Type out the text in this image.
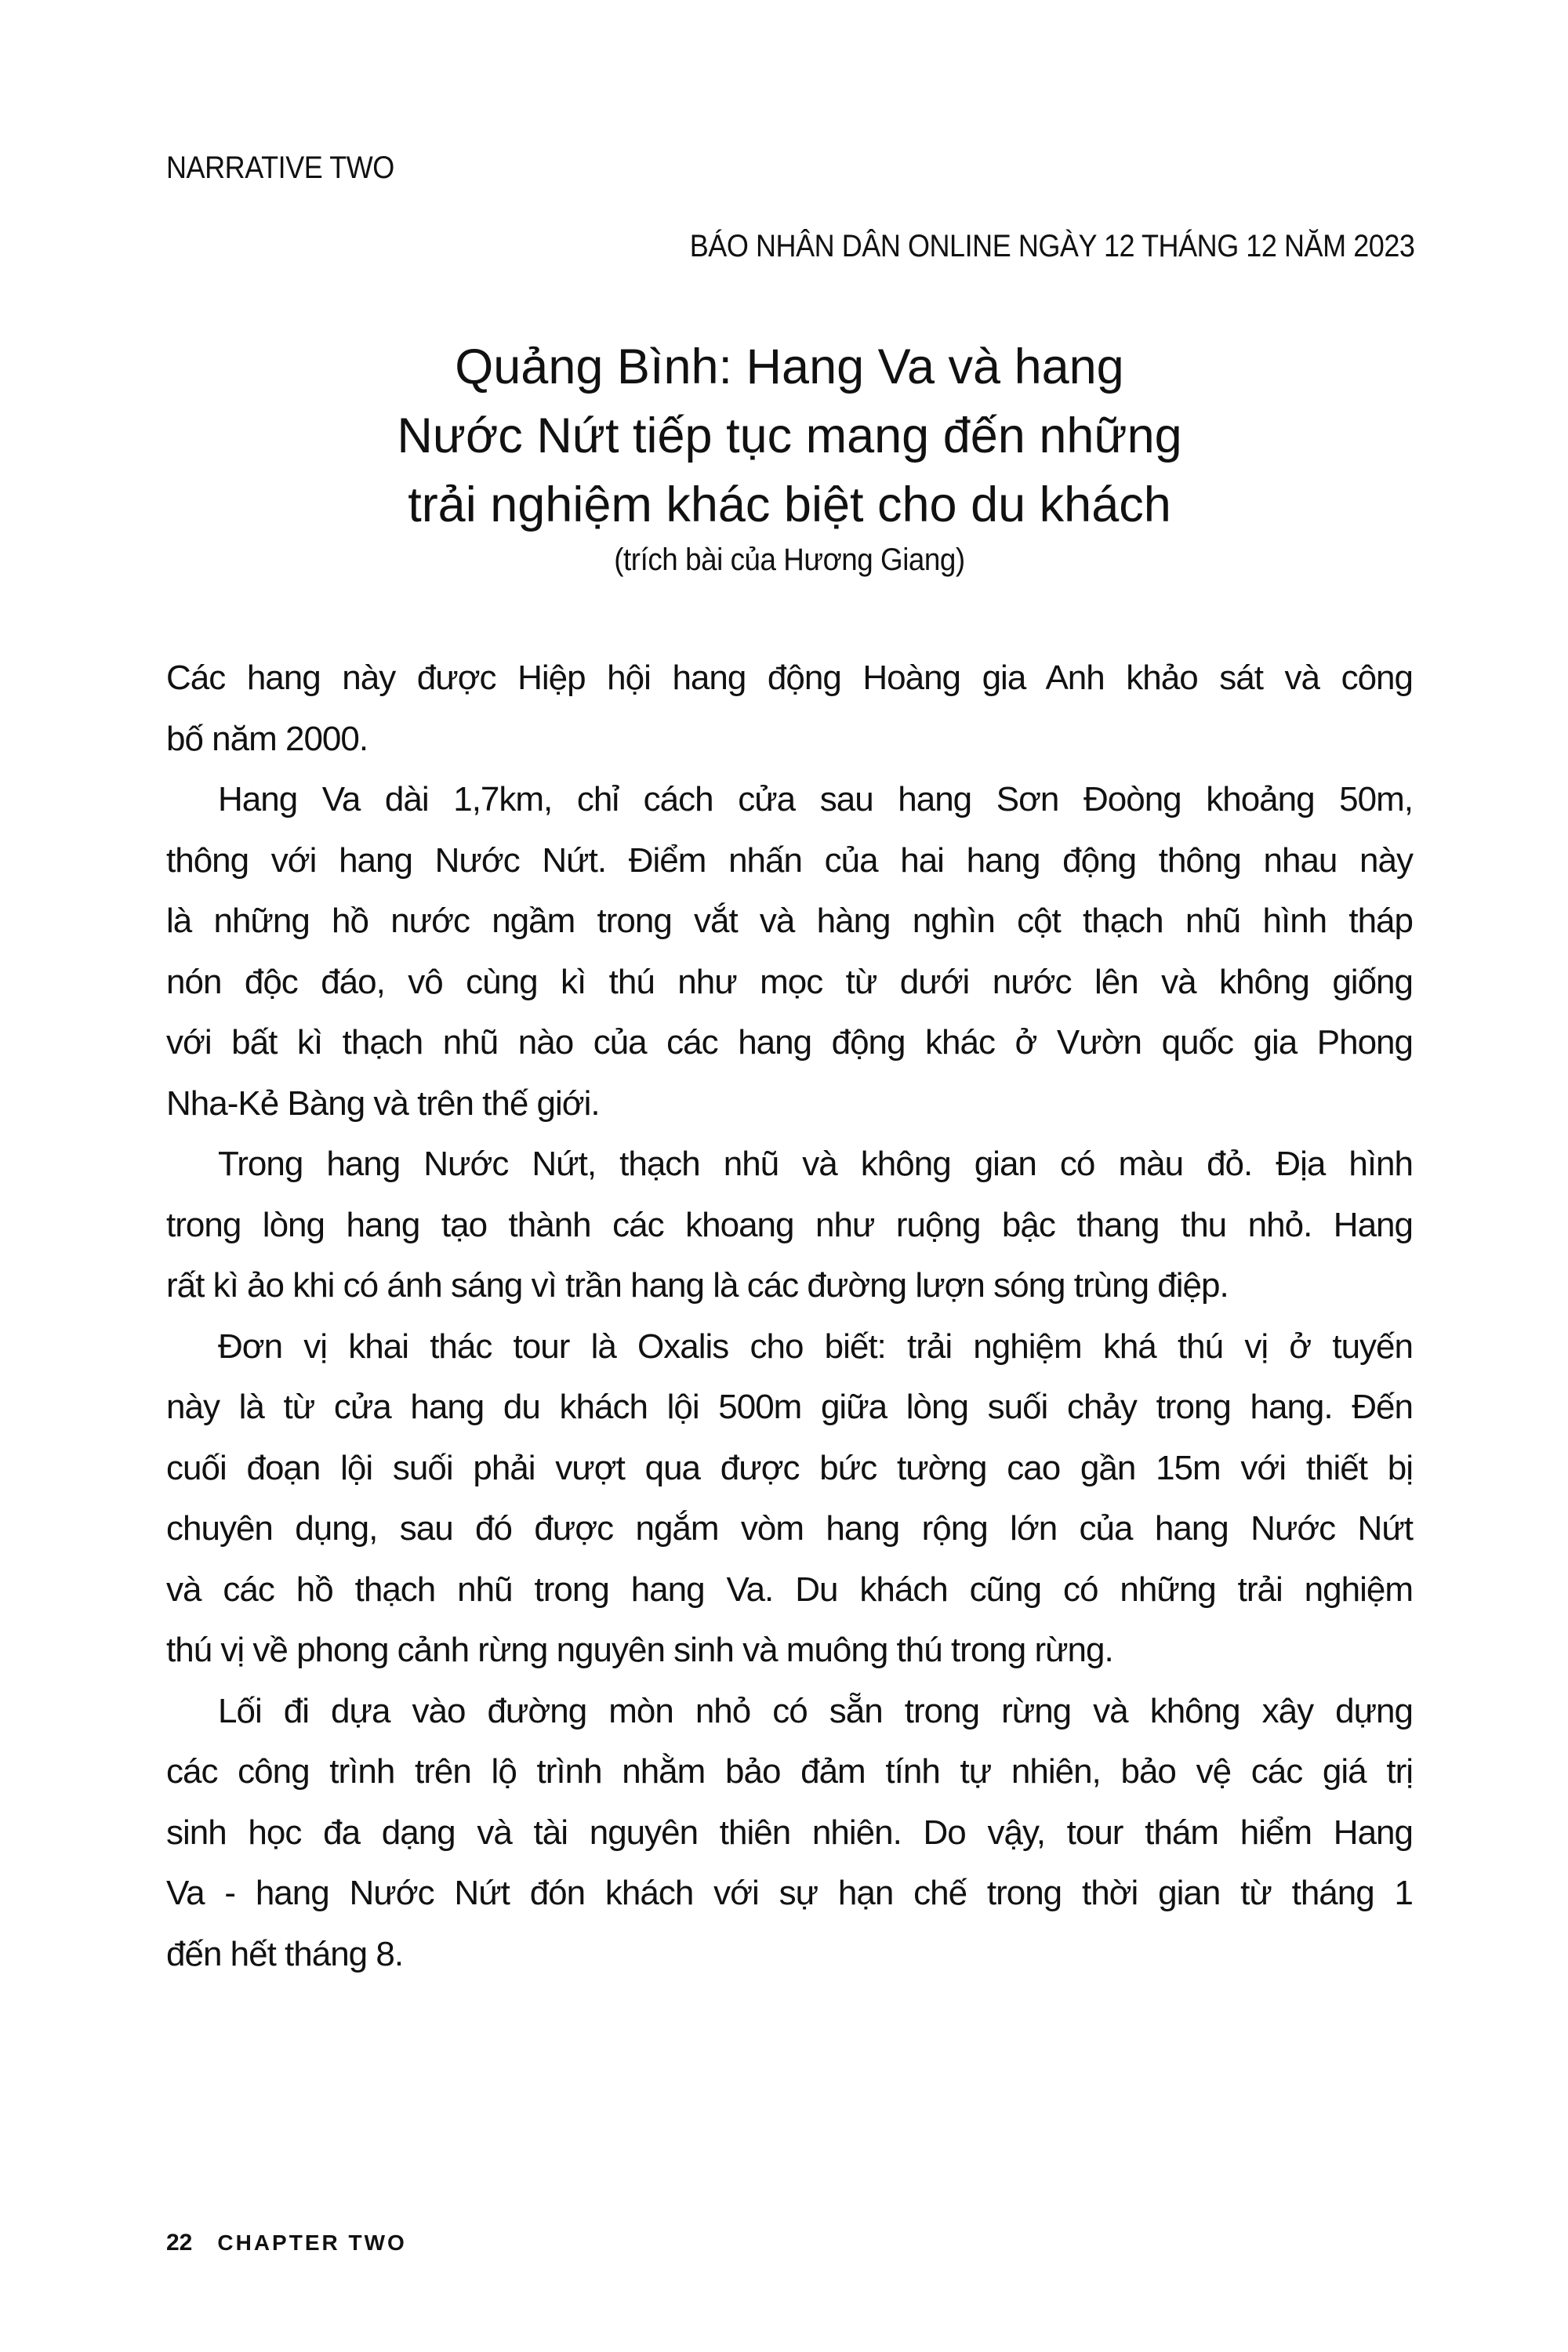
NARRATIVE TWO
BÁO NHÂN DÂN ONLINE NGÀY 12 THÁNG 12 NĂM 2023
Quảng Bình: Hang Va và hang
Nước Nứt tiếp tục mang đến những
trải nghiệm khác biệt cho du khách
(trích bài của Hương Giang)

Các hang này được Hiệp hội hang động Hoàng gia Anh khảo sát và công
bố năm 2000.

Hang Va dài 1,7km, chỉ cách cửa sau hang Sơn Đoòng khoảng 50m,
thông với hang Nước Nứt. Điểm nhấn của hai hang động thông nhau này
là những hồ nước ngầm trong vắt và hàng nghìn cột thạch nhũ hình tháp
nón độc đáo, vô cùng kì thú như mọc từ dưới nước lên và không giống
với bất kì thạch nhũ nào của các hang động khác ở Vườn quốc gia Phong
Nha-Kẻ Bàng và trên thế giới.

Trong hang Nước Nứt, thạch nhũ và không gian có màu đỏ. Địa hình
trong lòng hang tạo thành các khoang như ruộng bậc thang thu nhỏ. Hang
rất kì ảo khi có ánh sáng vì trần hang là các đường lượn sóng trùng điệp.

Đơn vị khai thác tour là Oxalis cho biết: trải nghiệm khá thú vị ở tuyến
này là từ cửa hang du khách lội 500m giữa lòng suối chảy trong hang. Đến
cuối đoạn lội suối phải vượt qua được bức tường cao gần 15m với thiết bị
chuyên dụng, sau đó được ngắm vòm hang rộng lớn của hang Nước Nứt
và các hồ thạch nhũ trong hang Va. Du khách cũng có những trải nghiệm
thú vị về phong cảnh rừng nguyên sinh và muông thú trong rừng.

Lối đi dựa vào đường mòn nhỏ có sẵn trong rừng và không xây dựng
các công trình trên lộ trình nhằm bảo đảm tính tự nhiên, bảo vệ các giá trị
sinh học đa dạng và tài nguyên thiên nhiên. Do vậy, tour thám hiểm Hang
Va - hang Nước Nứt đón khách với sự hạn chế trong thời gian từ tháng 1
đến hết tháng 8.

22 CHAPTER TWO
